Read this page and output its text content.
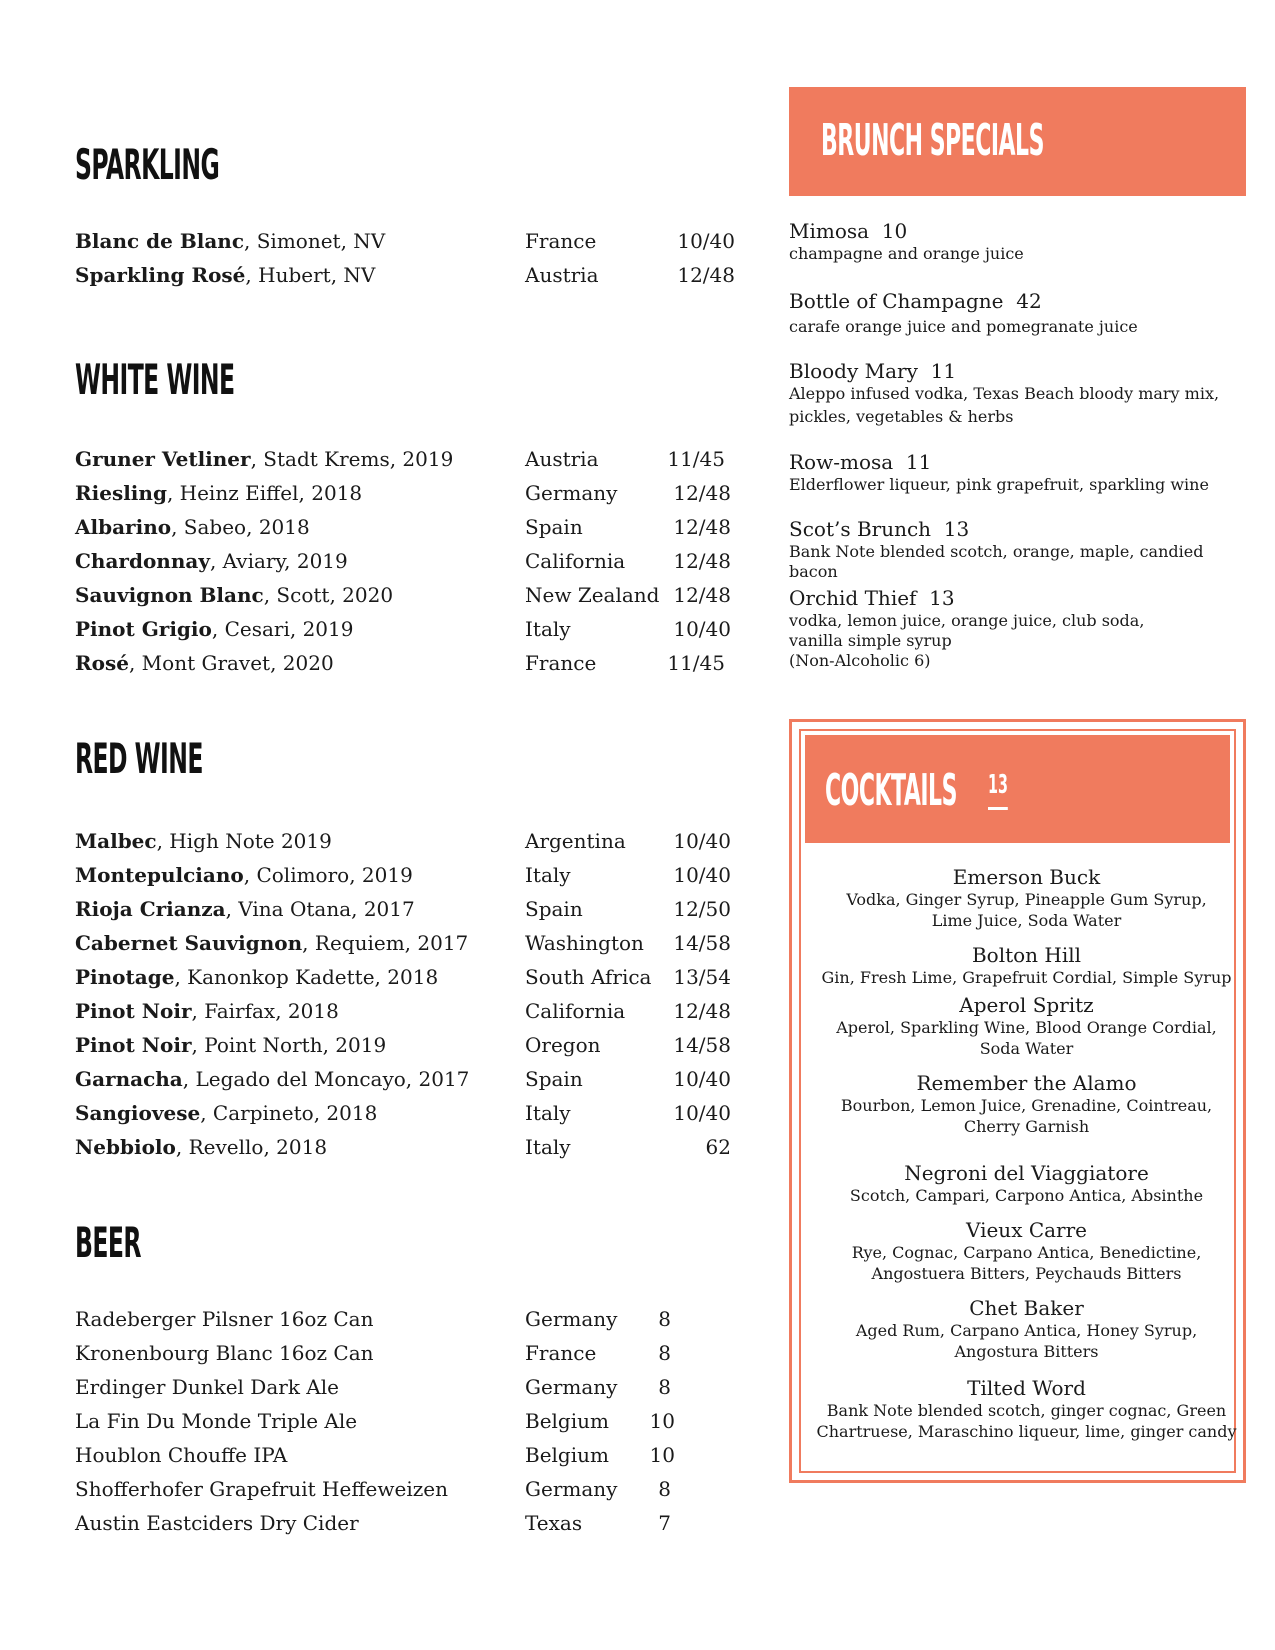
SPARKLING
Blanc de Blanc, Simonet, NV	France	10/40
Sparkling Rosé, Hubert, NV	Austria	12/48
WHITE WINE
Gruner Vetliner, Stadt Krems, 2019	Austria	11/45
Riesling, Heinz Eiffel, 2018	Germany	12/48
Albarino, Sabeo, 2018	Spain	12/48
Chardonnay, Aviary, 2019	California 12/48
Sauvignon Blanc, Scott, 2020	New Zealand 12/48
Pinot Grigio, Cesari, 2019	Italy	10/40
Rosé, Mont Gravet, 2020	France	11/45
RED WINE
Malbec, High Note 2019	Argentina 10/40
Montepulciano, Colimoro, 2019	Italy	10/40
Rioja Crianza, Vina Otana, 2017	Spain	12/50
Cabernet Sauvignon, Requiem, 2017	Washington 14/58
Pinotage, Kanonkop Kadette, 2018	South Africa 13/54
Pinot Noir, Fairfax, 2018	California 12/48
Pinot Noir, Point North, 2019	Oregon	14/58
Garnacha, Legado del Moncayo, 2017	Spain	10/40
Sangiovese, Carpineto, 2018	Italy	10/40
Nebbiolo, Revello, 2018	Italy	62
BEER
Radeberger Pilsner 16oz Can	Germany 8
Kronenbourg Blanc 16oz Can	France	8
Erdinger Dunkel Dark Ale	Germany 8
La Fin Du Monde Triple Ale	Belgium 10
Houblon Chouffe IPA	Belgium 10
Shofferhofer Grapefruit Heffeweizen	Germany 8
Austin Eastciders Dry Cider	Texas	7
BRUNCH SPECIALS
Mimosa 10
champagne and orange juice
Bottle of Champagne 42
carafe orange juice and pomegranate juice
Bloody Mary 11
Aleppo infused vodka, Texas Beach bloody mary mix,
pickles, vegetables & herbs
Row-mosa 11
Elderflower liqueur, pink grapefruit, sparkling wine
Scot’s Brunch 13
Bank Note blended scotch, orange, maple, candied bacon
Orchid Thief 13
vodka, lemon juice, orange juice, club soda,
vanilla simple syrup
(Non-Alcoholic 6)
COCKTAILS 13
Emerson Buck
Vodka, Ginger Syrup, Pineapple Gum Syrup,
Lime Juice, Soda Water
Bolton Hill
Gin, Fresh Lime, Grapefruit Cordial, Simple Syrup
Aperol Spritz
Aperol, Sparkling Wine, Blood Orange Cordial,
Soda Water
Remember the Alamo
Bourbon, Lemon Juice, Grenadine, Cointreau,
Cherry Garnish
Negroni del Viaggiatore
Scotch, Campari, Carpono Antica, Absinthe
Vieux Carre
Rye, Cognac, Carpano Antica, Benedictine,
Angostuera Bitters, Peychauds Bitters
Chet Baker
Aged Rum, Carpano Antica, Honey Syrup,
Angostura Bitters
Tilted Word
Bank Note blended scotch, ginger cognac, Green
Chartruese, Maraschino liqueur, lime, ginger candy
